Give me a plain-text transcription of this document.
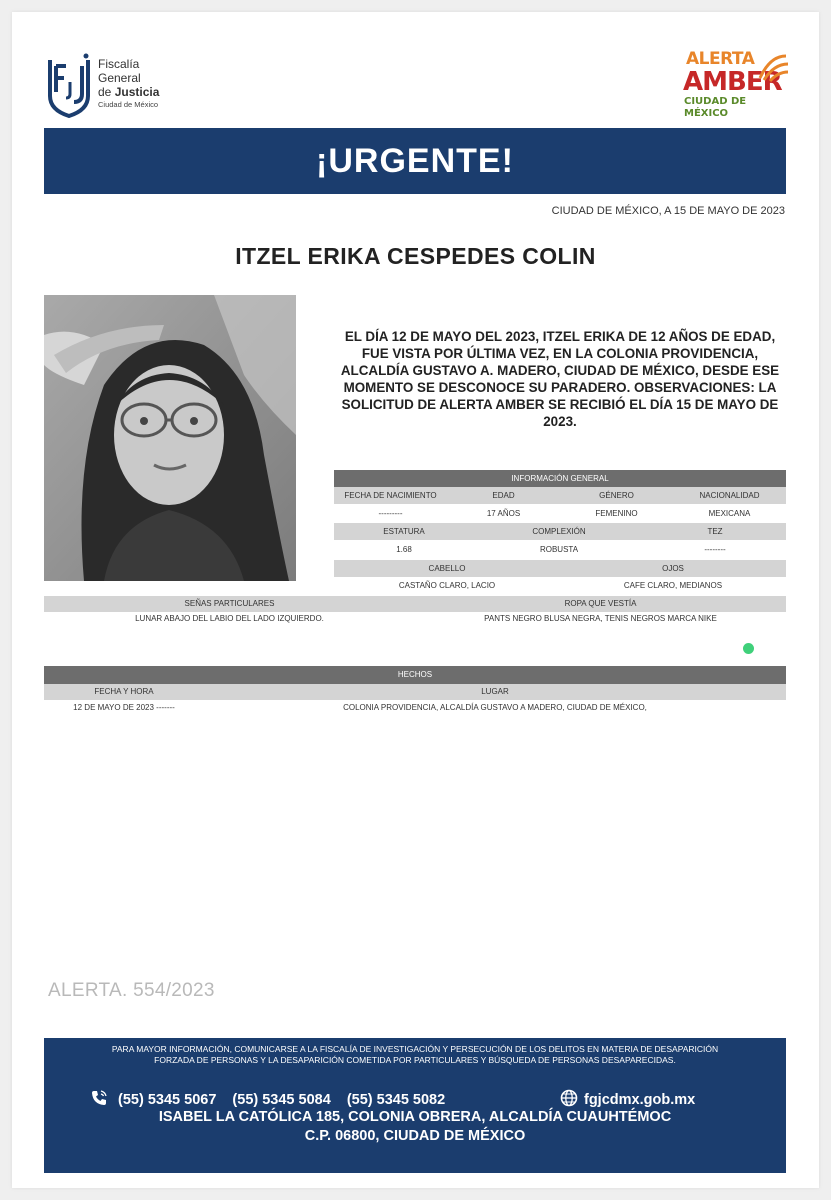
Fiscalía
General
de Justicia
Ciudad de México
ALERTA
AMBER
CIUDAD DE MÉXICO
¡URGENTE!
CIUDAD DE MÉXICO, A 15 DE MAYO DE 2023
ITZEL ERIKA CESPEDES COLIN
EL DÍA 12 DE MAYO DEL 2023, ITZEL ERIKA DE 12 AÑOS DE EDAD, FUE VISTA POR ÚLTIMA VEZ, EN LA COLONIA PROVIDENCIA, ALCALDÍA GUSTAVO A. MADERO, CIUDAD DE MÉXICO, DESDE ESE MOMENTO SE DESCONOCE SU PARADERO. OBSERVACIONES: LA SOLICITUD DE ALERTA AMBER SE RECIBIÓ EL DÍA 15 DE MAYO DE 2023.
INFORMACIÓN GENERAL
FECHA DE NACIMIENTO	EDAD	GÉNERO	NACIONALIDAD
---------	17 AÑOS	FEMENINO	MEXICANA
ESTATURA	COMPLEXIÓN	TEZ
1.68	ROBUSTA	--------
CABELLO	OJOS
CASTAÑO CLARO, LACIO	CAFE CLARO, MEDIANOS
SEÑAS PARTICULARES	ROPA QUE VESTÍA
LUNAR ABAJO DEL LABIO DEL LADO IZQUIERDO.	PANTS NEGRO BLUSA NEGRA, TENIS NEGROS MARCA NIKE
HECHOS
FECHA Y HORA	LUGAR
12 DE MAYO DE 2023 -------	COLONIA PROVIDENCIA, ALCALDÍA GUSTAVO A MADERO, CIUDAD DE MÉXICO,
ALERTA. 554/2023
PARA MAYOR INFORMACIÓN, COMUNICARSE A LA FISCALÍA DE INVESTIGACIÓN Y PERSECUCIÓN DE LOS DELITOS EN MATERIA DE DESAPARICIÓN
FORZADA DE PERSONAS Y LA DESAPARICIÓN COMETIDA POR PARTICULARES Y BÚSQUEDA DE PERSONAS DESAPARECIDAS.
(55) 5345 5067 (55) 5345 5084 (55) 5345 5082	fgjcdmx.gob.mx
ISABEL LA CATÓLICA 185, COLONIA OBRERA, ALCALDÍA CUAUHTÉMOC
C.P. 06800, CIUDAD DE MÉXICO
